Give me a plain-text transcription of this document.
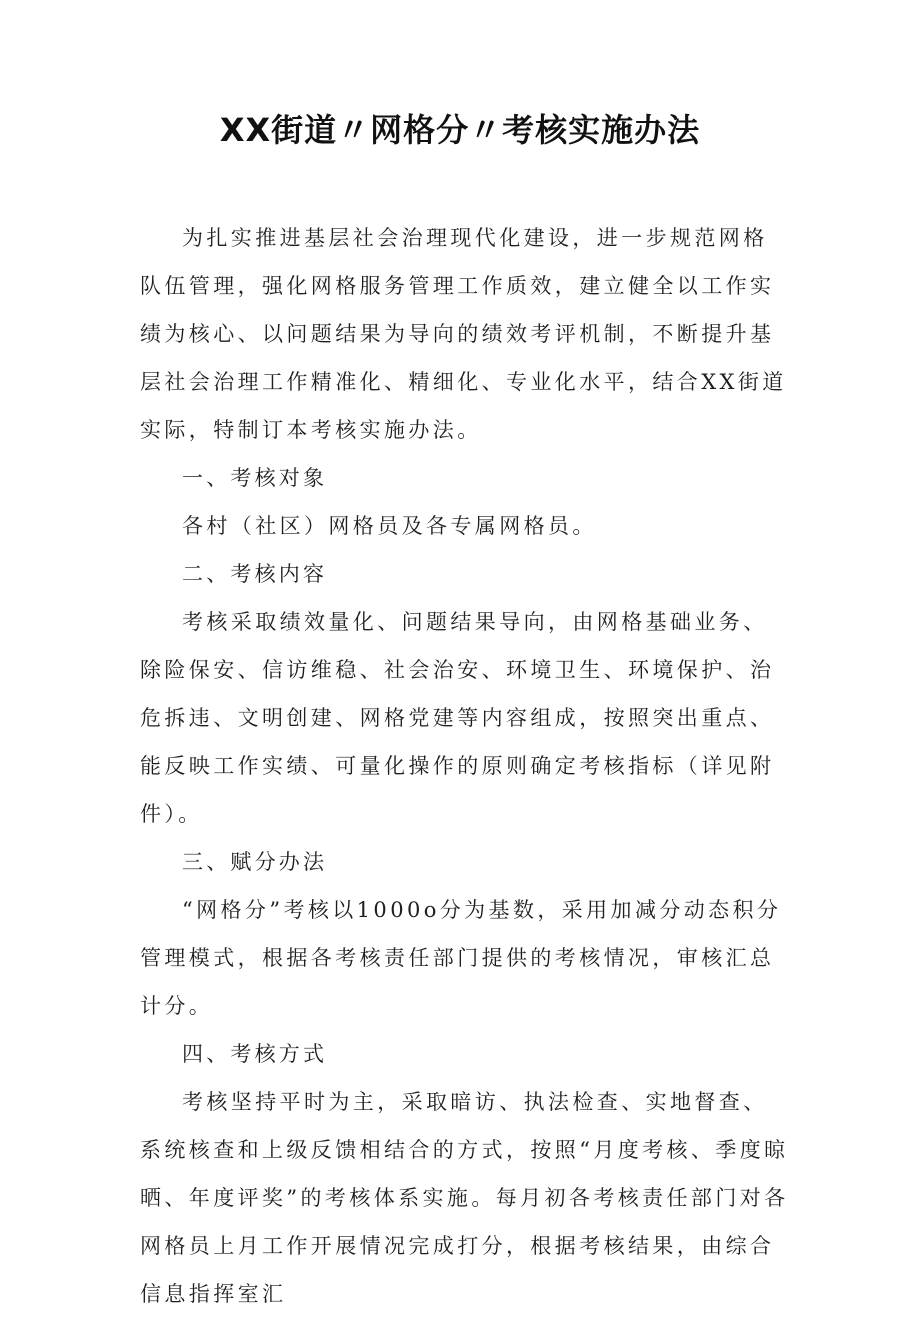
XX街道〃网格分〃考核实施办法

为扎实推进基层社会治理现代化建设，进一步规范网格队伍管理，强化网格服务管理工作质效，建立健全以工作实绩为核心、以问题结果为导向的绩效考评机制，不断提升基层社会治理工作精准化、精细化、专业化水平，结合XX街道实际，特制订本考核实施办法。

一、考核对象

各村（社区）网格员及各专属网格员。

二、考核内容

考核采取绩效量化、问题结果导向，由网格基础业务、除险保安、信访维稳、社会治安、环境卫生、环境保护、治危拆违、文明创建、网格党建等内容组成，按照突出重点、能反映工作实绩、可量化操作的原则确定考核指标（详见附件）。

三、赋分办法

“网格分”考核以1000o分为基数，采用加减分动态积分管理模式，根据各考核责任部门提供的考核情况，审核汇总计分。

四、考核方式

考核坚持平时为主，采取暗访、执法检查、实地督查、系统核查和上级反馈相结合的方式，按照“月度考核、季度晾晒、年度评奖”的考核体系实施。每月初各考核责任部门对各网格员上月工作开展情况完成打分，根据考核结果，由综合信息指挥室汇
